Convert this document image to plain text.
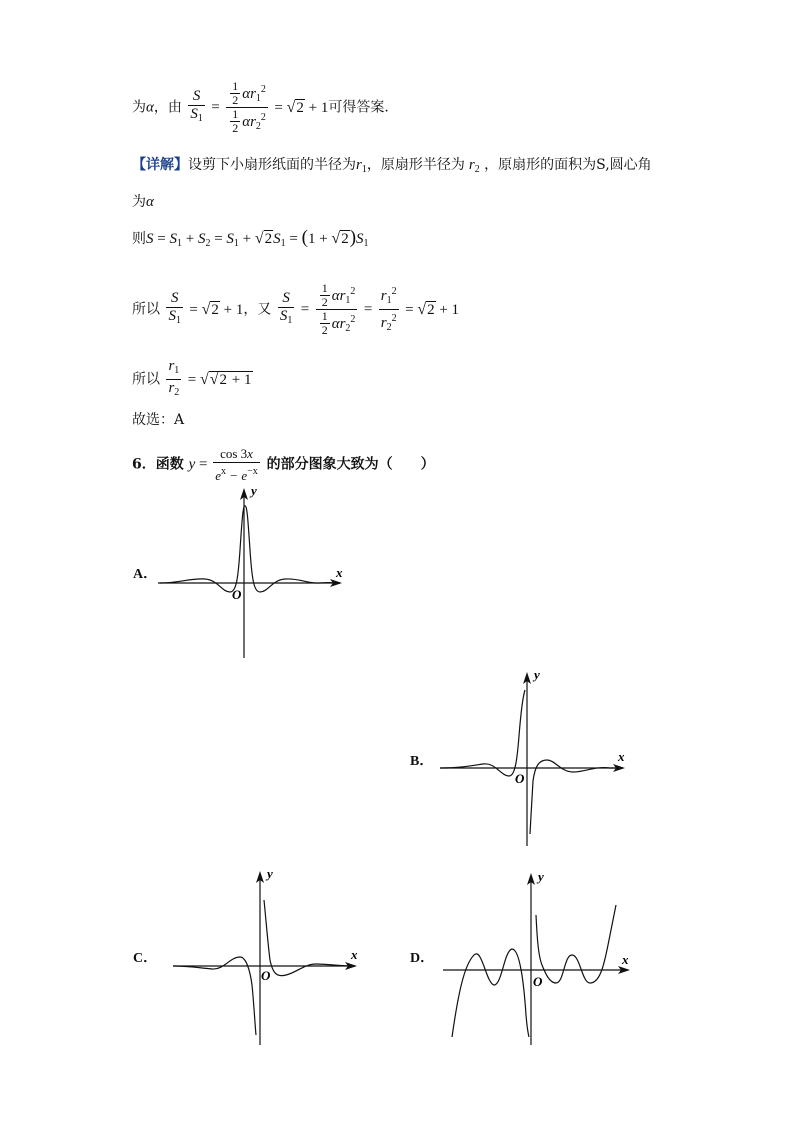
为α，由 $\frac{S}{S_1} = \frac{\frac{1}{2} \alpha r_1^2}{\frac{1}{2} \alpha r_2^2} = √2 + 1$可得答案.
【详解】设剪下小扇形纸面的半径为$r_1$，原扇形半径为 $r_2$ ，原扇形的面积为S,圆心角
为α
则$S = S_1 + S_2 = S_1 + √2S_1 = (1 + √2)S_1$
所以 $\frac{S}{S_1} = √2 + 1$，又 $\frac{S}{S_1} = \frac{\frac{1}{2} \alpha r_1^2}{\frac{1}{2} \alpha r_2^2} = \frac{r_1^2}{r_2^2} = √2 + 1$
所以 $\frac{r_1}{r_2} = √√2 + 1$
故选：A
6．函数 $y = \frac{\cos 3x}{e^x - e^{-x}}$ 的部分图象大致为（　　）
A．
B．
C．	D．
x
y
O
x
y
O
x
y
O
x
y
O
